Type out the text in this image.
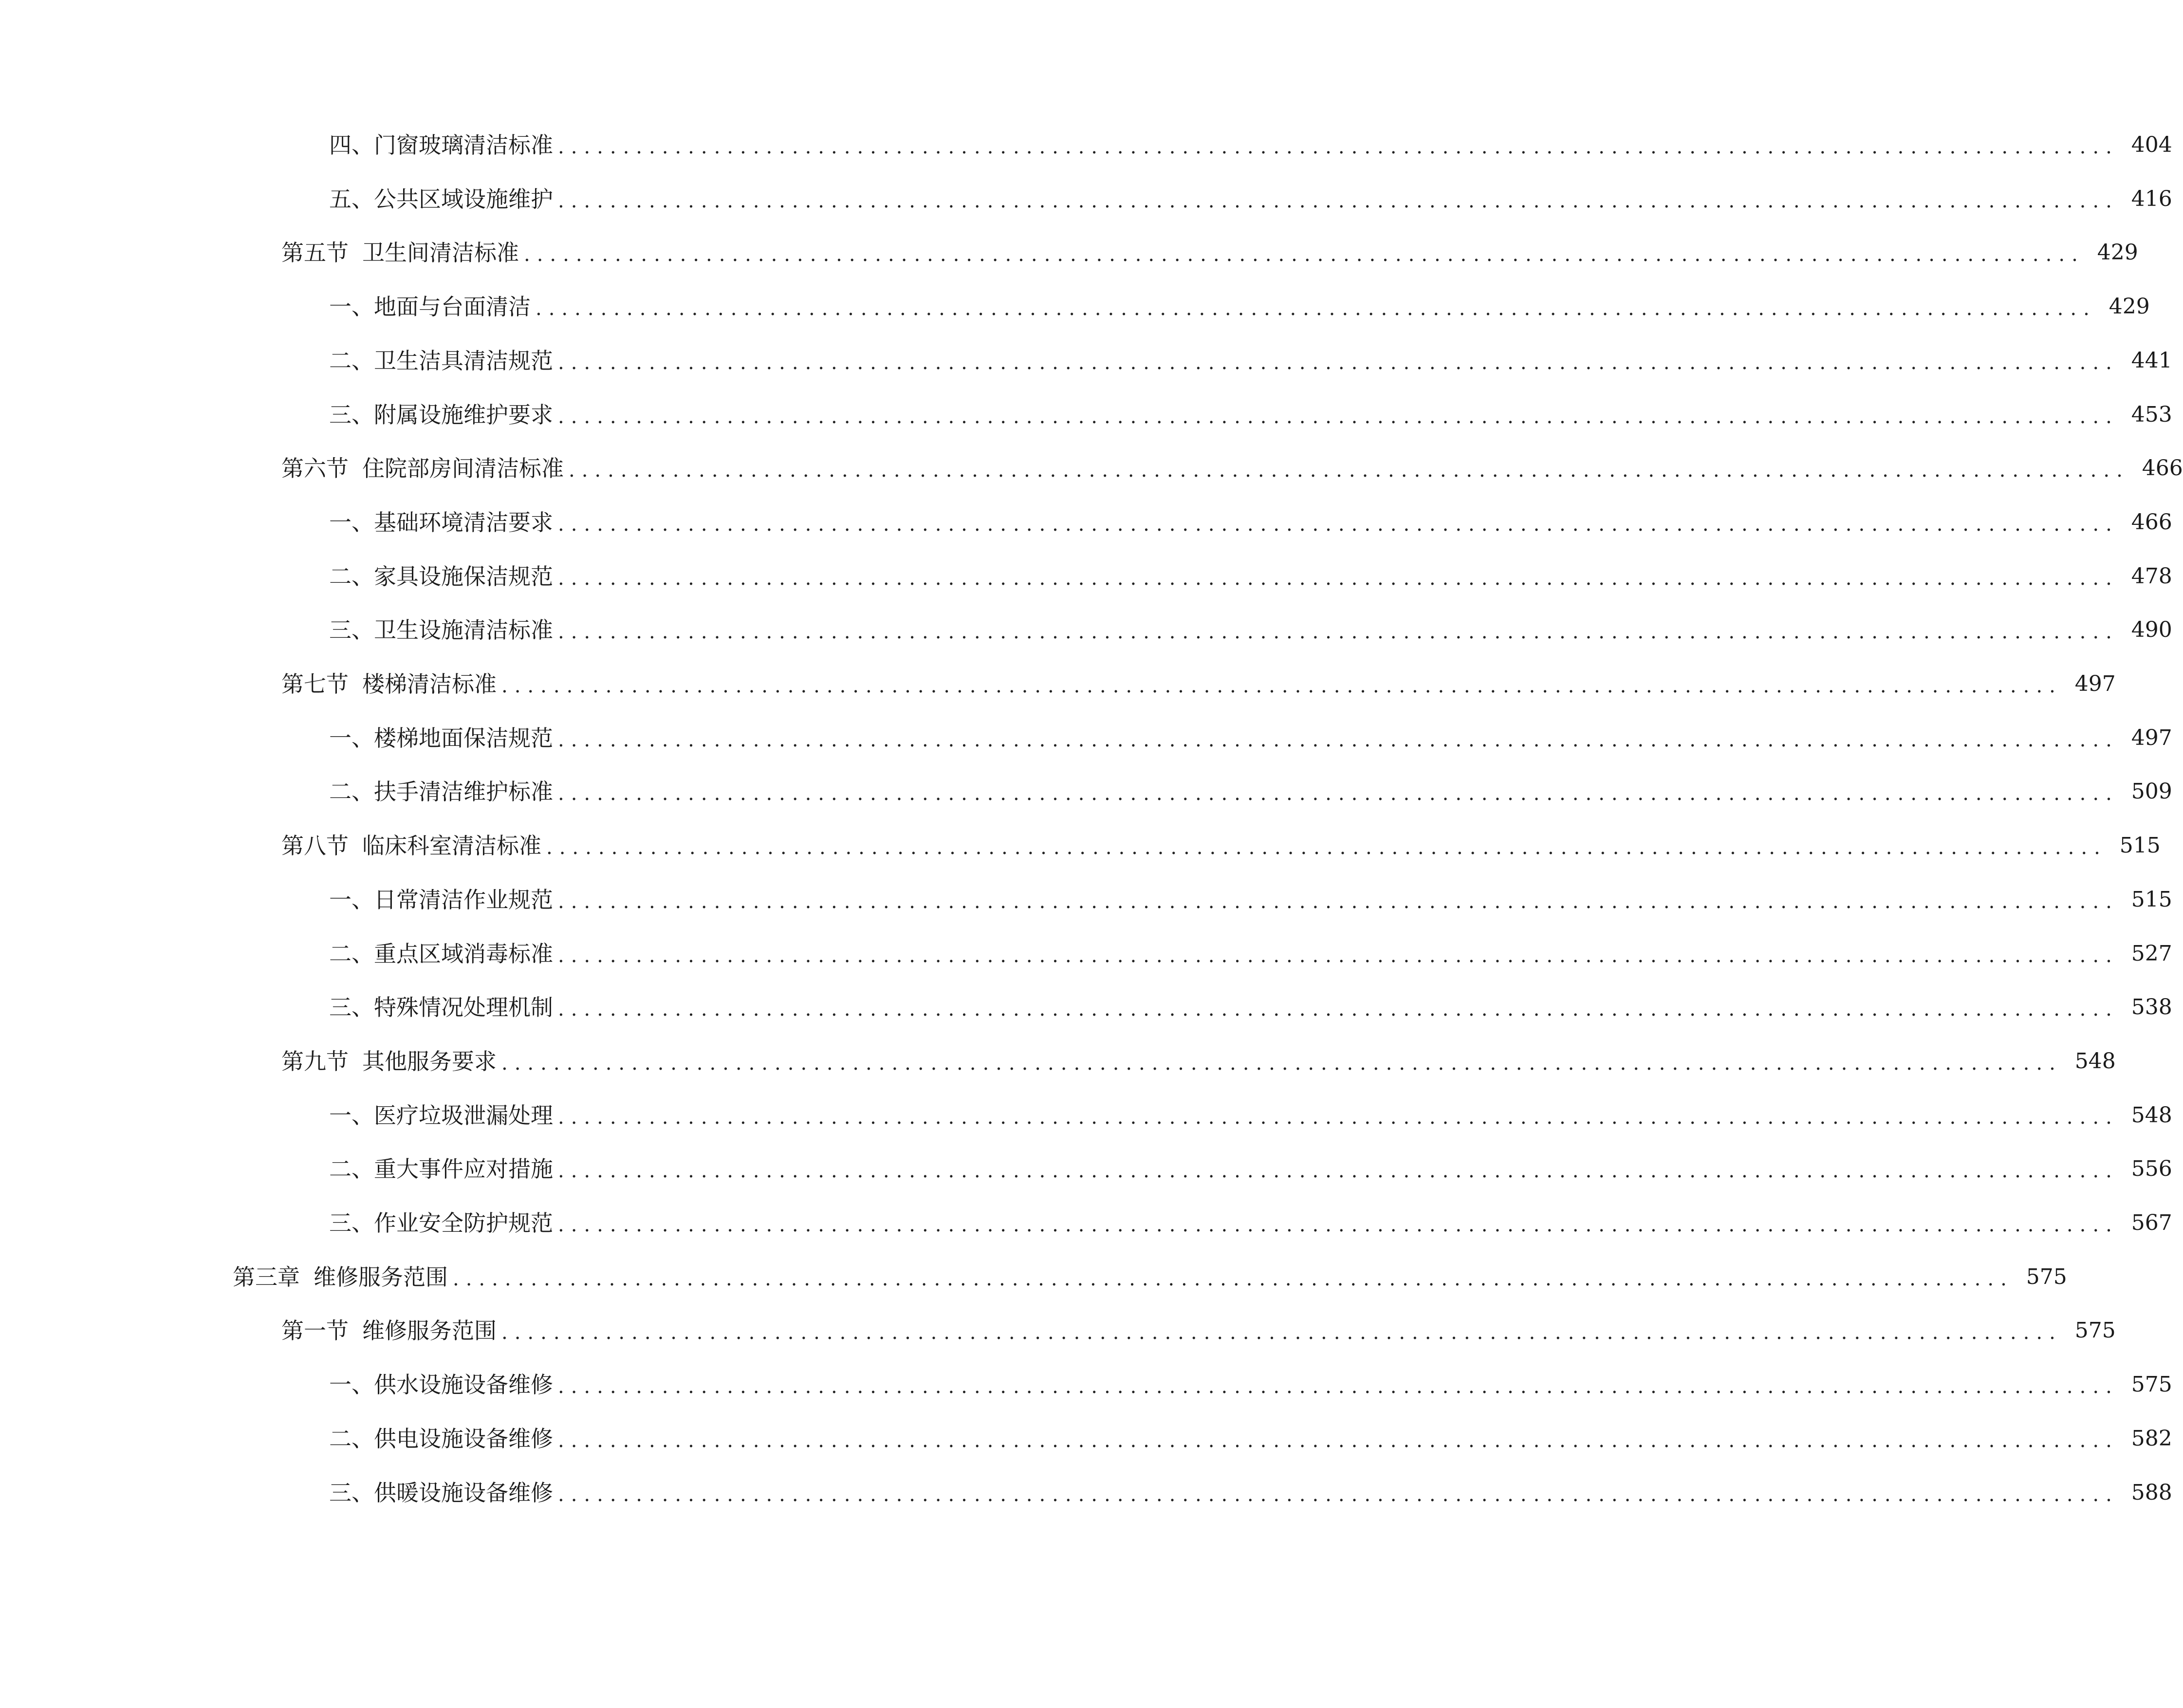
四、 门窗玻璃清洁标准 ........................................................................................................................ 404
五、 公共区域设施维护 ........................................................................................................................ 416
第五节 卫生间清洁标准 ........................................................................................................................ 429
一、 地面与台面清洁 ........................................................................................................................ 429
二、 卫生洁具清洁规范 ........................................................................................................................ 441
三、 附属设施维护要求 ........................................................................................................................ 453
第六节 住院部房间清洁标准 ........................................................................................................................ 466
一、 基础环境清洁要求 ........................................................................................................................ 466
二、 家具设施保洁规范 ........................................................................................................................ 478
三、 卫生设施清洁标准 ........................................................................................................................ 490
第七节 楼梯清洁标准 ........................................................................................................................ 497
一、 楼梯地面保洁规范 ........................................................................................................................ 497
二、 扶手清洁维护标准 ........................................................................................................................ 509
第八节 临床科室清洁标准 ........................................................................................................................ 515
一、 日常清洁作业规范 ........................................................................................................................ 515
二、 重点区域消毒标准 ........................................................................................................................ 527
三、 特殊情况处理机制 ........................................................................................................................ 538
第九节 其他服务要求 ........................................................................................................................ 548
一、 医疗垃圾泄漏处理 ........................................................................................................................ 548
二、 重大事件应对措施 ........................................................................................................................ 556
三、 作业安全防护规范 ........................................................................................................................ 567
第三章 维修服务范围 ........................................................................................................................ 575
第一节 维修服务范围 ........................................................................................................................ 575
一、 供水设施设备维修 ........................................................................................................................ 575
二、 供电设施设备维修 ........................................................................................................................ 582
三、 供暖设施设备维修 ........................................................................................................................ 588
